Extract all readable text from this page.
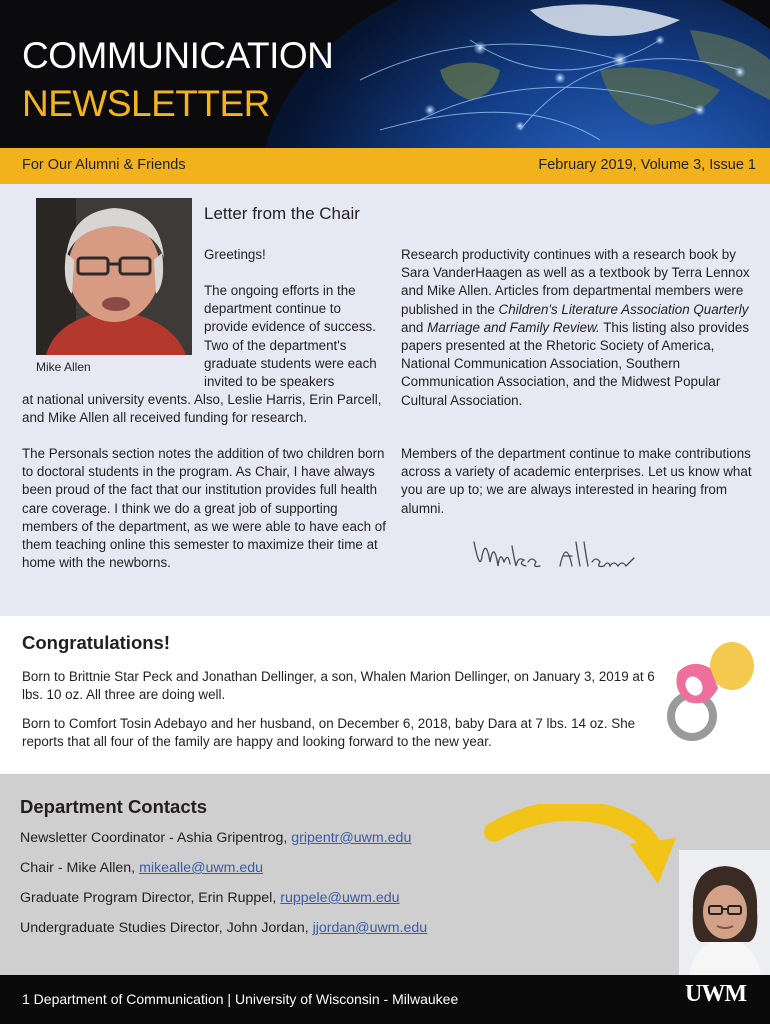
COMMUNICATION
NEWSLETTER
For Our Alumni & Friends	February 2019, Volume 3, Issue 1
Mike Allen
Letter from the Chair
Greetings!
The ongoing efforts in the department continue to provide evidence of success. Two of the department's graduate students were each invited to be speakers
at national university events. Also, Leslie Harris, Erin Parcell, and Mike Allen all received funding for research.
The Personals section notes the addition of two children born to doctoral students in the program. As Chair, I have always been proud of the fact that our institution provides full health care coverage. I think we do a great job of supporting members of the department, as we were able to have each of them teaching online this semester to maximize their time at home with the newborns.
Research productivity continues with a research book by Sara VanderHaagen as well as a textbook by Terra Lennox and Mike Allen. Articles from departmental members were published in the Children's Literature Association Quarterly and Marriage and Family Review. This listing also provides papers presented at the Rhetoric Society of America, National Communication Association, Southern Communication Association, and the Midwest Popular Cultural Association.
Members of the department continue to make contributions across a variety of academic enterprises. Let us know what you are up to; we are always interested in hearing from alumni.
Congratulations!
Born to Brittnie Star Peck and Jonathan Dellinger, a son, Whalen Marion Dellinger, on January 3, 2019 at 6 lbs. 10 oz. All three are doing well.
Born to Comfort Tosin Adebayo and her husband, on December 6, 2018, baby Dara at 7 lbs. 14 oz. She reports that all four of the family are happy and looking forward to the new year.
Department Contacts
Newsletter Coordinator - Ashia Gripentrog, gripentr@uwm.edu
Chair - Mike Allen, mikealle@uwm.edu
Graduate Program Director, Erin Ruppel, ruppele@uwm.edu
Undergraduate Studies Director, John Jordan, jjordan@uwm.edu
1 Department of Communication | University of Wisconsin - Milwaukee	UWM
